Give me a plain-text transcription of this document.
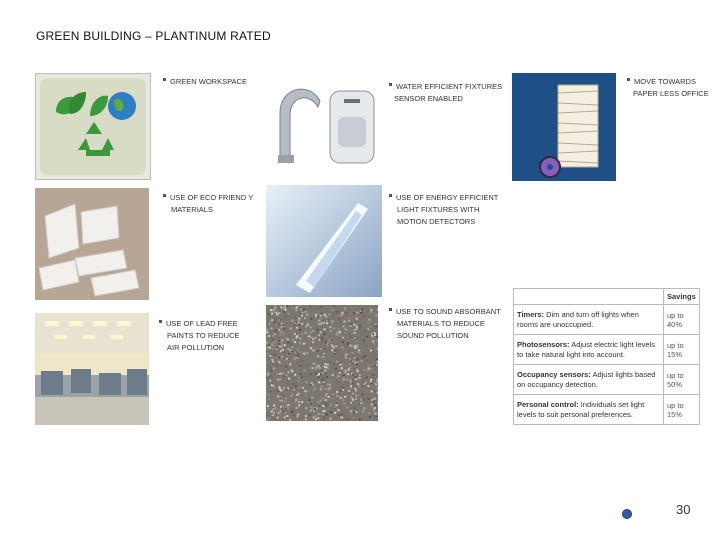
GREEN BUILDING – PLANTINUM RATED
GREEN WORKSPACE
WATER EFFICIENT FIXTURES
SENSOR ENABLED
MOVE TOWARDS
PAPER LESS OFFICE
USE OF ECO FRIEND Y
MATERIALS
USE OF ENERGY EFFICIENT
LIGHT FIXTURES WITH
MOTION DETECTORS
USE OF LEAD FREE
PAINTS TO REDUCE
AIR POLLUTION
USE TO SOUND ABSORBANT
MATERIALS TO REDUCE
SOUND POLLUTION
	Savings
Timers: Dim and turn off lights when rooms are unoccupied.	up to 40%
Photosensors: Adjust electric light levels to take natural light into account.	up to 15%
Occupancy sensors: Adjust lights based on occupancy detection.	up to 50%
Personal control: Individuals set light levels to suit personal preferences.	up to 15%
30
